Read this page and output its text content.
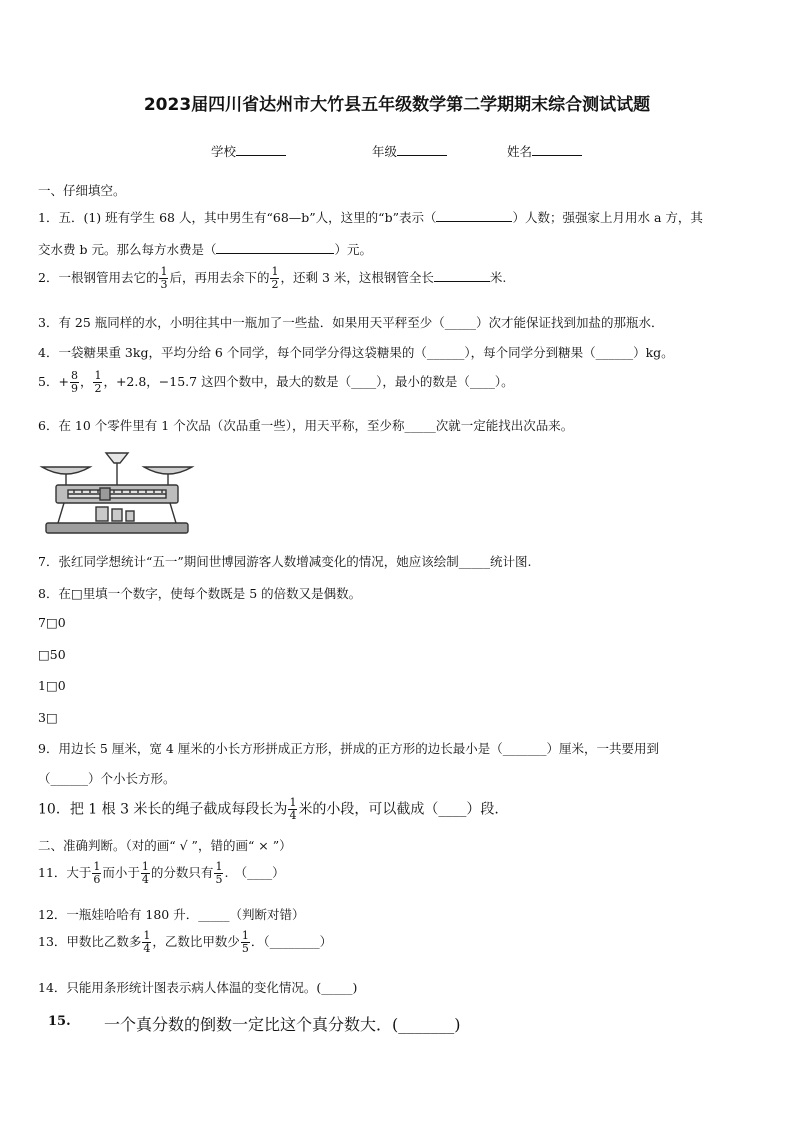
2023届四川省达州市大竹县五年级数学第二学期期末综合测试试题
学校	年级	姓名
一、仔细填空。
1．五．(1) 班有学生 68 人，其中男生有“68—b”人，这里的“b”表示（	）人数；强强家上月用水 a 方，其
交水费 b 元。那么每方水费是（	）元。
2．一根钢管用去它的 $\frac{1}{3}$ 后，再用去余下的 $\frac{1}{2}$ ，还剩 3 米，这根钢管全长	米.
3．有 25 瓶同样的水，小明往其中一瓶加了一些盐．如果用天平秤至少（_____）次才能保证找到加盐的那瓶水．
4．一袋糖果重 3kg，平均分给 6 个同学，每个同学分得这袋糖果的（______），每个同学分到糖果（______）kg。
5．+ $\frac{8}{9}$ ， $\frac{1}{2}$ ，+2.8，−15.7 这四个数中，最大的数是（____），最小的数是（____）。
6．在 10 个零件里有 1 个次品（次品重一些），用天平称，至少称_____次就一定能找出次品来。
7．张红同学想统计“五一”期间世博园游客人数增减变化的情况，她应该绘制_____统计图.
8．在□里填一个数字，使每个数既是 5 的倍数又是偶数。
7□0
□50
1□0
3□
9．用边长 5 厘米，宽 4 厘米的小长方形拼成正方形，拼成的正方形的边长最小是（_______）厘米，一共要用到
（______）个小长方形。
10．把 1 根 3 米长的绳子截成每段长为 $\frac{1}{4}$ 米的小段，可以截成（____）段.
二、准确判断。（对的画“ √ ”，错的画“ × ”）
11．大于 $\frac{1}{6}$ 而小于 $\frac{1}{4}$ 的分数只有 $\frac{1}{5}$ .　（____）
12．一瓶娃哈哈有 180 升．_____（判断对错）
13．甲数比乙数多 $\frac{1}{4}$ ，乙数比甲数少 $\frac{1}{5}$ ．（________）
14．只能用条形统计图表示病人体温的变化情况。(_____)
15. 一个真分数的倒数一定比这个真分数大．(_______)
